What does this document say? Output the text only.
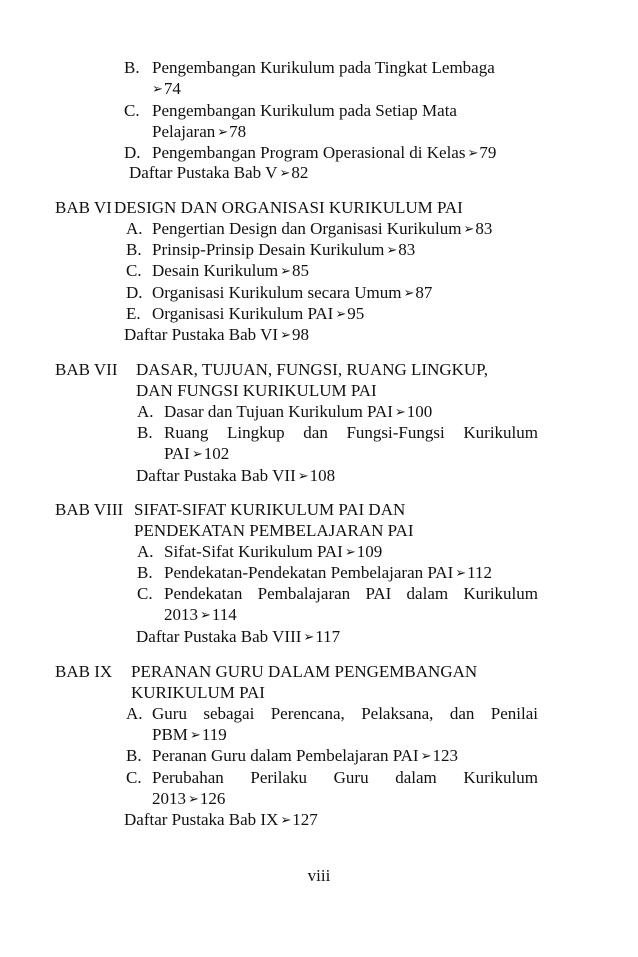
B. Pengembangan Kurikulum pada Tingkat Lembaga
➢74
C. Pengembangan Kurikulum pada Setiap Mata
Pelajaran ➢78
D. Pengembangan Program Operasional di Kelas ➢79
Daftar Pustaka Bab V ➢82
BAB VI DESIGN DAN ORGANISASI KURIKULUM PAI
A. Pengertian Design dan Organisasi Kurikulum ➢83
B. Prinsip-Prinsip Desain Kurikulum ➢83
C. Desain Kurikulum ➢85
D. Organisasi Kurikulum secara Umum ➢87
E. Organisasi Kurikulum PAI ➢95
Daftar Pustaka Bab VI ➢98
BAB VII DASAR, TUJUAN, FUNGSI, RUANG LINGKUP,
DAN FUNGSI KURIKULUM PAI
A. Dasar dan Tujuan Kurikulum PAI ➢100
B. Ruang Lingkup dan Fungsi-Fungsi Kurikulum
PAI ➢102
Daftar Pustaka Bab VII ➢108
BAB VIII SIFAT-SIFAT KURIKULUM PAI DAN
PENDEKATAN PEMBELAJARAN PAI
A. Sifat-Sifat Kurikulum PAI ➢109
B. Pendekatan-Pendekatan Pembelajaran PAI ➢112
C. Pendekatan Pembalajaran PAI dalam Kurikulum
2013 ➢114
Daftar Pustaka Bab VIII ➢117
BAB IX PERANAN GURU DALAM PENGEMBANGAN
KURIKULUM PAI
A. Guru sebagai Perencana, Pelaksana, dan Penilai
PBM ➢119
B. Peranan Guru dalam Pembelajaran PAI ➢123
C. Perubahan Perilaku Guru dalam Kurikulum
2013 ➢126
Daftar Pustaka Bab IX ➢127
viii
